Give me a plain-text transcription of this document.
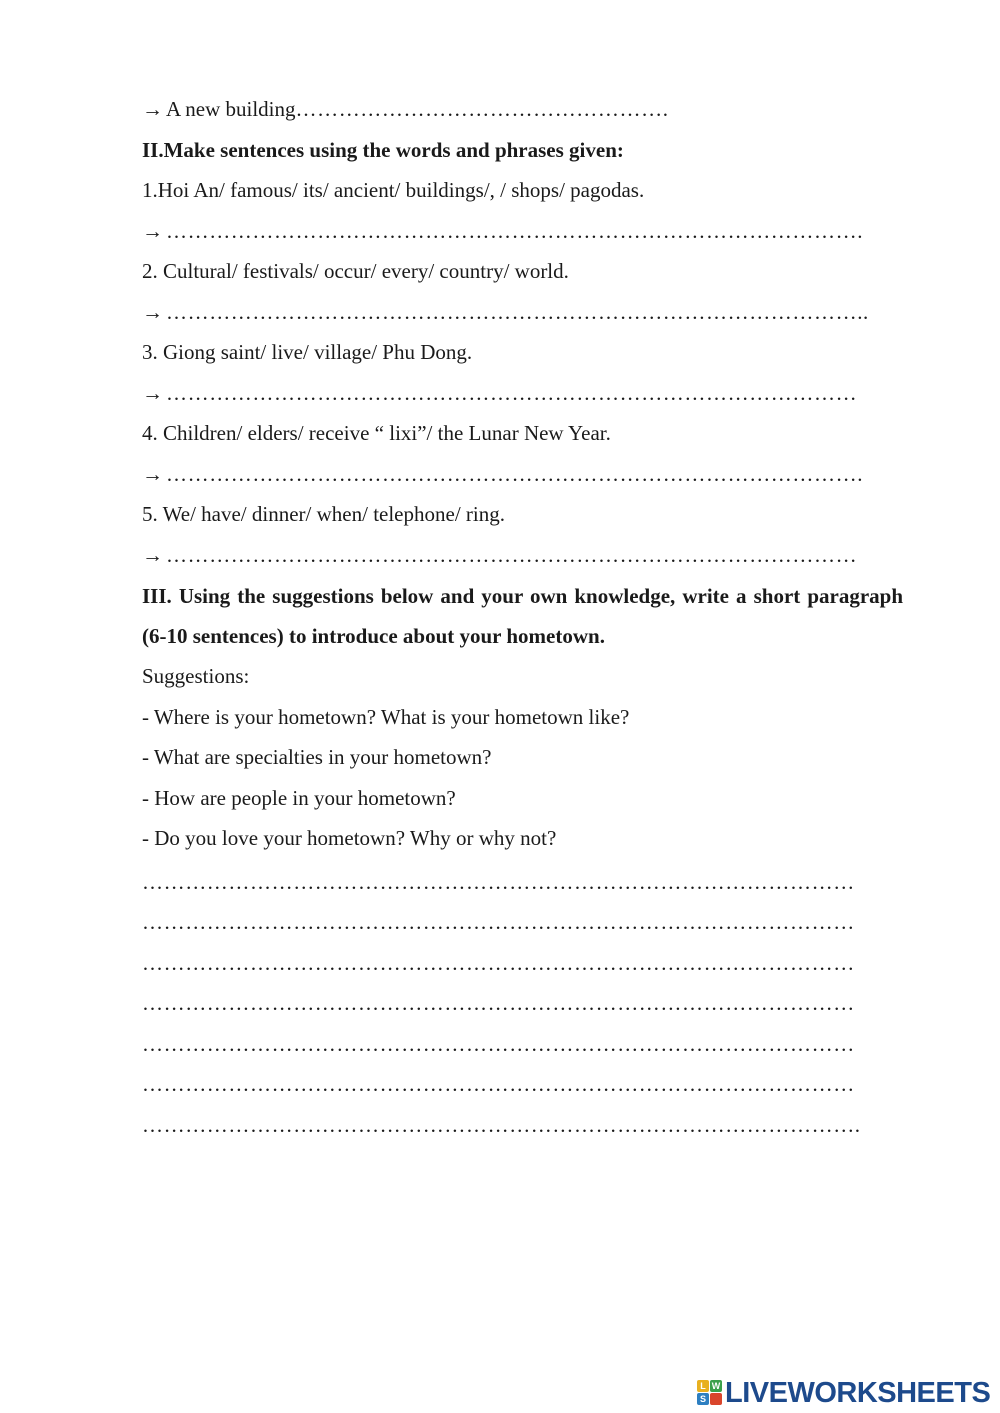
→ A new building…………………………………………….
II.Make sentences using the words and phrases given:
1.Hoi An/ famous/ its/ ancient/ buildings/, / shops/ pagodas.
→ …………………………………………………………………………………….
2. Cultural/ festivals/ occur/ every/ country/ world.
→ ……………………………………………………………………………………..
3. Giong saint/ live/ village/ Phu Dong.
→ ……………………………………………………………………………………
4. Children/ elders/ receive “ lixi”/ the Lunar New Year.
→ …………………………………………………………………………………….
5. We/ have/ dinner/ when/ telephone/ ring.
→ ……………………………………………………………………………………
III. Using the suggestions below and your own knowledge, write a short paragraph (6-10 sentences) to introduce about your hometown.
Suggestions:
- Where is your hometown? What is your hometown like?
- What are specialties in your hometown?
- How are people in your hometown?
- Do you love your hometown? Why or why not?
………………………………………………………………………………………
………………………………………………………………………………………
………………………………………………………………………………………
………………………………………………………………………………………
………………………………………………………………………………………
………………………………………………………………………………………
……………………………………………………………………………………….
L W
S LIVEWORKSHEETS
